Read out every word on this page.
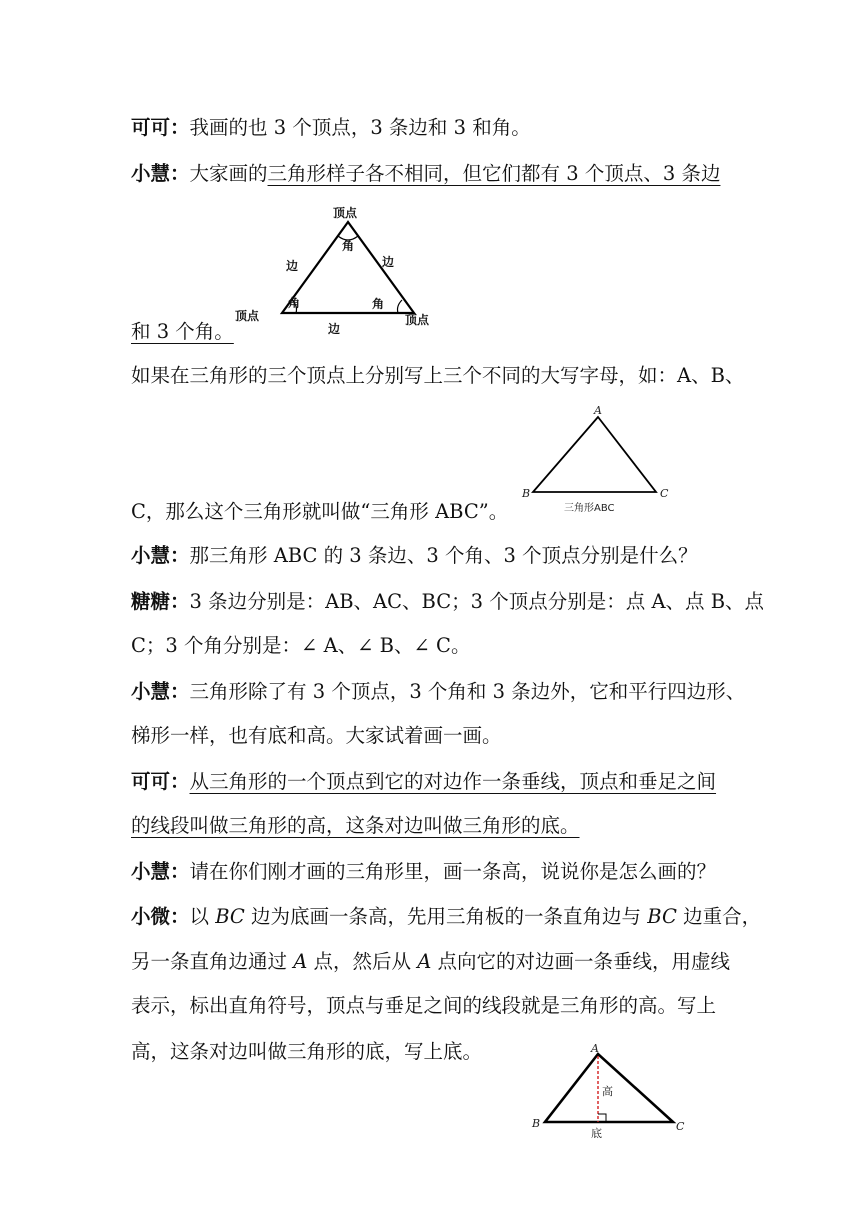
可可：我画的也 3 个顶点，3 条边和 3 和角。
小慧：大家画的三角形样子各不相同，但它们都有 3 个顶点、3 条边
顶点
角
边	边
角	角
顶点	顶点
边
和 3 个角。
如果在三角形的三个顶点上分别写上三个不同的大写字母，如：A、B、
A
B	C
三角形ABC
C，那么这个三角形就叫做“三角形 ABC”。
小慧：那三角形 ABC 的 3 条边、3 个角、3 个顶点分别是什么？
糖糖：3 条边分别是：AB、AC、BC；3 个顶点分别是：点 A、点 B、点
C；3 个角分别是：∠ A、∠ B、∠ C。
小慧：三角形除了有 3 个顶点，3 个角和 3 条边外，它和平行四边形、
梯形一样，也有底和高。大家试着画一画。
可可：从三角形的一个顶点到它的对边作一条垂线，顶点和垂足之间
的线段叫做三角形的高，这条对边叫做三角形的底。
小慧：请在你们刚才画的三角形里，画一条高，说说你是怎么画的？
小微：以 BC 边为底画一条高，先用三角板的一条直角边与 BC 边重合，
另一条直角边通过 A 点，然后从 A 点向它的对边画一条垂线，用虚线
表示，标出直角符号，顶点与垂足之间的线段就是三角形的高。写上
高，这条对边叫做三角形的底，写上底。	A
B	C
高
底
